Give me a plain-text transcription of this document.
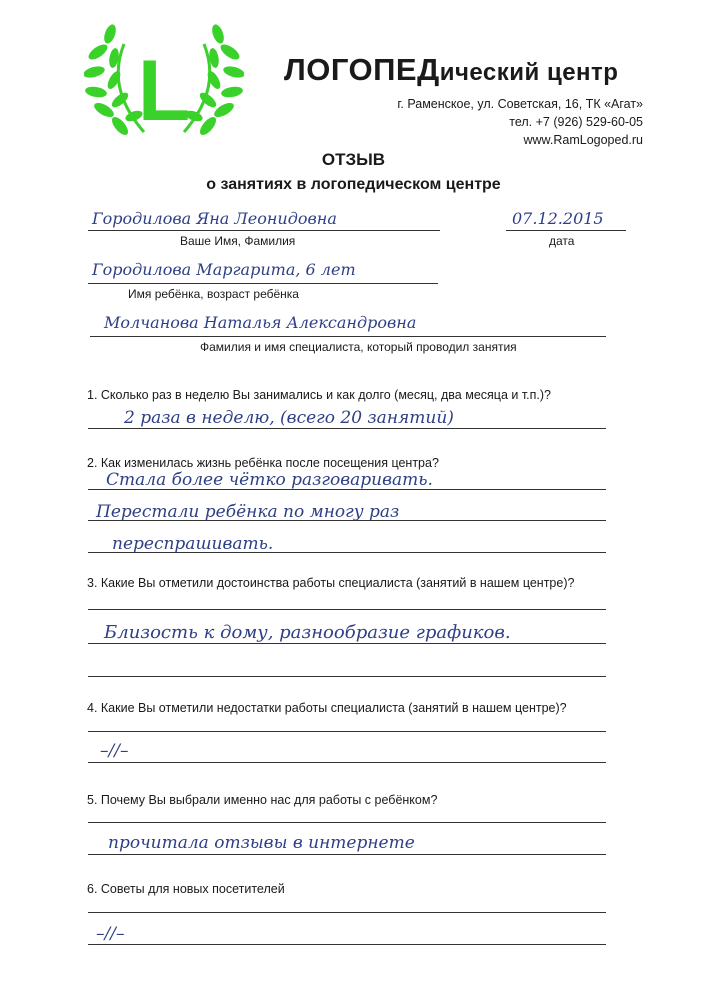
L	ЛОГОПЕДический центр
г. Раменское, ул. Советская, 16, ТК «Агат»
тел. +7 (926) 529-60-05
www.RamLogoped.ru
ОТЗЫВ
о занятиях в логопедическом центре
Городилова Яна Леонидовна
Ваше Имя, Фамилия
07.12.2015
дата
Городилова Маргарита, 6 лет
Имя ребёнка, возраст ребёнка
Молчанова Наталья Александровна
Фамилия и имя специалиста, который проводил занятия
1. Сколько раз в неделю Вы занимались и как долго (месяц, два месяца и т.п.)?
2 раза в неделю, (всего 20 занятий)
2. Как изменилась жизнь ребёнка после посещения центра?
Стала более чётко разговаривать.
Перестали ребёнка по многу раз
переспрашивать.
3. Какие Вы отметили достоинства работы специалиста (занятий в нашем центре)?
Близость к дому, разнообразие графиков.
4. Какие Вы отметили недостатки работы специалиста (занятий в нашем центре)?
–//–
5. Почему Вы выбрали именно нас для работы с ребёнком?
прочитала отзывы в интернете
6. Советы для новых посетителей
–//–
